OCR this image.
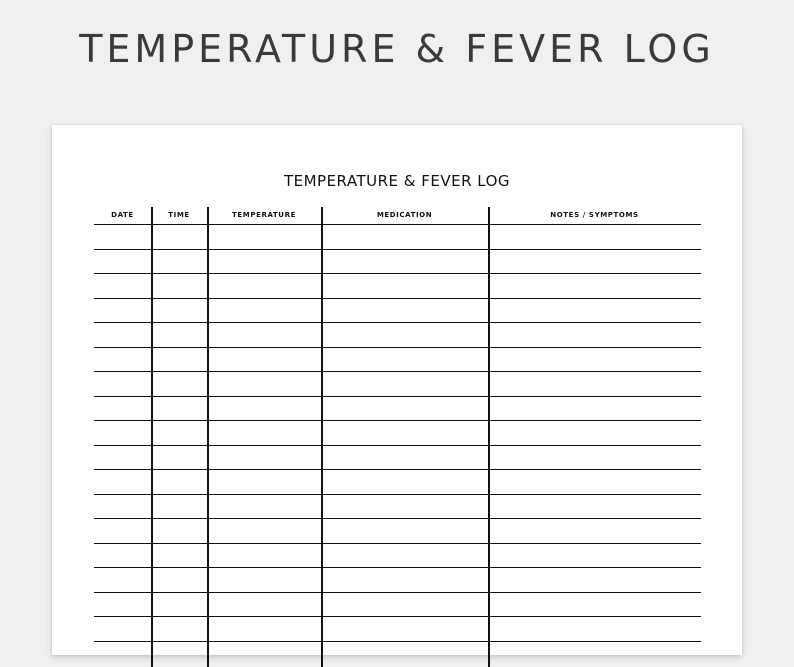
TEMPERATURE & FEVER LOG
TEMPERATURE & FEVER LOG
DATE	TIME	TEMPERATURE	MEDICATION	NOTES / SYMPTOMS
